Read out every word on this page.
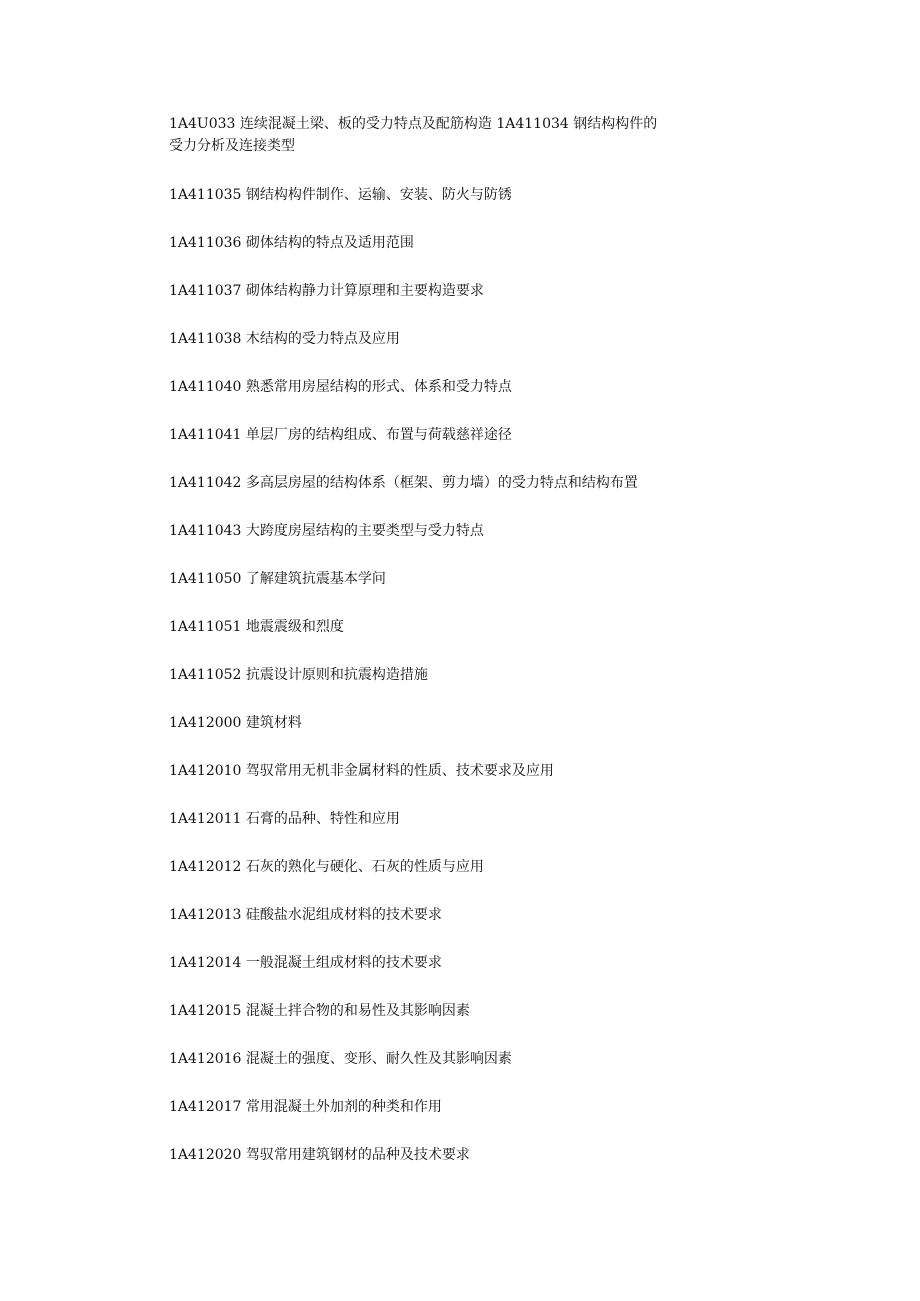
1A4U033 连续混凝土梁、板的受力特点及配筋构造 1A411034 钢结构构件的受力分析及连接类型

1A411035 钢结构构件制作、运输、安装、防火与防锈

1A411036 砌体结构的特点及适用范围

1A411037 砌体结构静力计算原理和主要构造要求

1A411038 木结构的受力特点及应用

1A411040 熟悉常用房屋结构的形式、体系和受力特点

1A411041 单层厂房的结构组成、布置与荷载慈祥途径

1A411042 多高层房屋的结构体系（框架、剪力墙）的受力特点和结构布置

1A411043 大跨度房屋结构的主要类型与受力特点

1A411050 了解建筑抗震基本学问

1A411051 地震震级和烈度

1A411052 抗震设计原则和抗震构造措施

1A412000 建筑材料

1A412010 驾驭常用无机非金属材料的性质、技术要求及应用

1A412011 石膏的品种、特性和应用

1A412012 石灰的熟化与硬化、石灰的性质与应用

1A412013 硅酸盐水泥组成材料的技术要求

1A412014 一般混凝土组成材料的技术要求

1A412015 混凝土拌合物的和易性及其影响因素

1A412016 混凝土的强度、变形、耐久性及其影响因素

1A412017 常用混凝土外加剂的种类和作用

1A412020 驾驭常用建筑钢材的品种及技术要求
